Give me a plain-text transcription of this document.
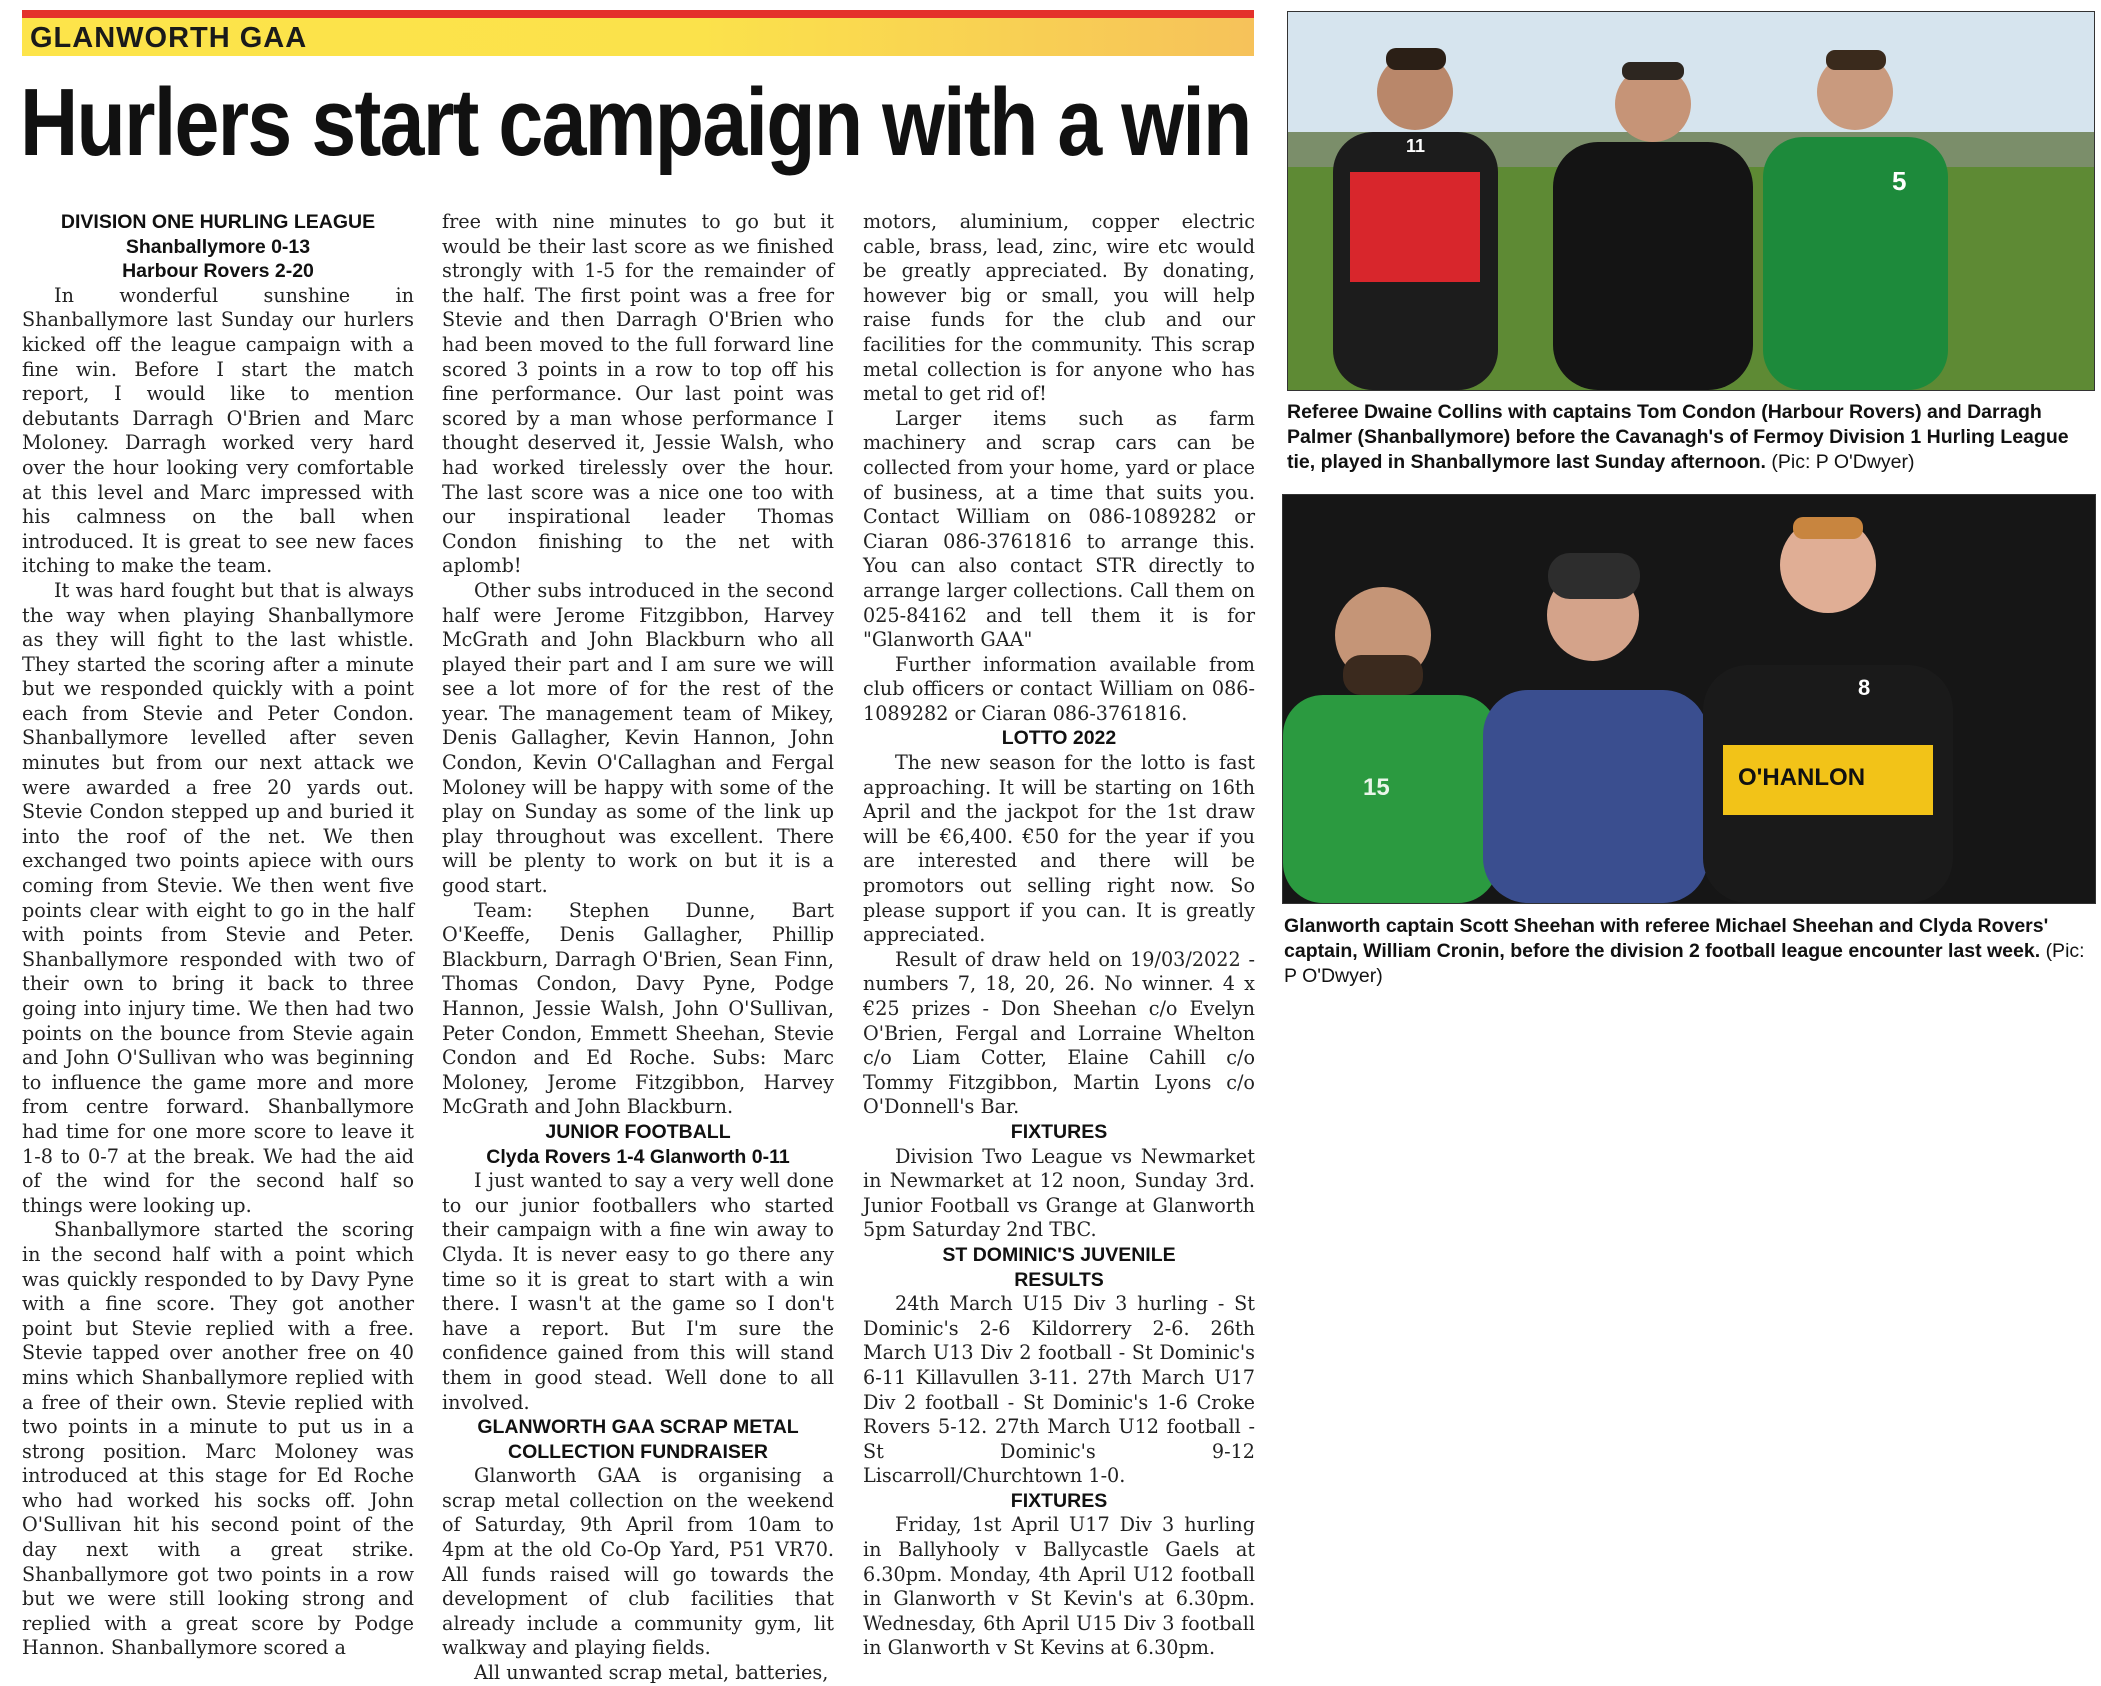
GLANWORTH GAA
Hurlers start campaign with a win
DIVISION ONE HURLING LEAGUE
Shanballymore 0-13
Harbour Rovers 2-20

In wonderful sunshine in Shanballymore last Sunday our hurlers kicked off the league campaign with a fine win. Before I start the match report, I would like to mention debutants Darragh O'Brien and Marc Moloney. Darragh worked very hard over the hour looking very comfortable at this level and Marc impressed with his calmness on the ball when introduced. It is great to see new faces itching to make the team.

It was hard fought but that is always the way when playing Shanballymore as they will fight to the last whistle. They started the scoring after a minute but we responded quickly with a point each from Stevie and Peter Condon. Shanballymore levelled after seven minutes but from our next attack we were awarded a free 20 yards out. Stevie Condon stepped up and buried it into the roof of the net. We then exchanged two points apiece with ours coming from Stevie. We then went five points clear with eight to go in the half with points from Stevie and Peter. Shanballymore responded with two of their own to bring it back to three going into injury time. We then had two points on the bounce from Stevie again and John O'Sullivan who was beginning to influence the game more and more from centre forward. Shanballymore had time for one more score to leave it 1-8 to 0-7 at the break. We had the aid of the wind for the second half so things were looking up.

Shanballymore started the scoring in the second half with a point which was quickly responded to by Davy Pyne with a fine score. They got another point but Stevie replied with a free. Stevie tapped over another free on 40 mins which Shanballymore replied with a free of their own. Stevie replied with two points in a minute to put us in a strong position. Marc Moloney was introduced at this stage for Ed Roche who had worked his socks off. John O'Sullivan hit his second point of the day next with a great strike. Shanballymore got two points in a row but we were still looking strong and replied with a great score by Podge Hannon. Shanballymore scored a

free with nine minutes to go but it would be their last score as we finished strongly with 1-5 for the remainder of the half. The first point was a free for Stevie and then Darragh O'Brien who had been moved to the full forward line scored 3 points in a row to top off his fine performance. Our last point was scored by a man whose performance I thought deserved it, Jessie Walsh, who had worked tirelessly over the hour. The last score was a nice one too with our inspirational leader Thomas Condon finishing to the net with aplomb!

Other subs introduced in the second half were Jerome Fitzgibbon, Harvey McGrath and John Blackburn who all played their part and I am sure we will see a lot more of for the rest of the year. The management team of Mikey, Denis Gallagher, Kevin Hannon, John Condon, Kevin O'Callaghan and Fergal Moloney will be happy with some of the play on Sunday as some of the link up play throughout was excellent. There will be plenty to work on but it is a good start.

Team: Stephen Dunne, Bart O'Keeffe, Denis Gallagher, Phillip Blackburn, Darragh O'Brien, Sean Finn, Thomas Condon, Davy Pyne, Podge Hannon, Jessie Walsh, John O'Sullivan, Peter Condon, Emmett Sheehan, Stevie Condon and Ed Roche. Subs: Marc Moloney, Jerome Fitzgibbon, Harvey McGrath and John Blackburn.

JUNIOR FOOTBALL
Clyda Rovers 1-4 Glanworth 0-11

I just wanted to say a very well done to our junior footballers who started their campaign with a fine win away to Clyda. It is never easy to go there any time so it is great to start with a win there. I wasn't at the game so I don't have a report. But I'm sure the confidence gained from this will stand them in good stead. Well done to all involved.

GLANWORTH GAA SCRAP METAL
COLLECTION FUNDRAISER

Glanworth GAA is organising a scrap metal collection on the weekend of Saturday, 9th April from 10am to 4pm at the old Co-Op Yard, P51 VR70. All funds raised will go towards the development of club facilities that already include a community gym, lit walkway and playing fields.

All unwanted scrap metal, batteries,

motors, aluminium, copper electric cable, brass, lead, zinc, wire etc would be greatly appreciated. By donating, however big or small, you will help raise funds for the club and our facilities for the community. This scrap metal collection is for anyone who has metal to get rid of!

Larger items such as farm machinery and scrap cars can be collected from your home, yard or place of business, at a time that suits you. Contact William on 086-1089282 or Ciaran 086-3761816 to arrange this. You can also contact STR directly to arrange larger collections. Call them on 025-84162 and tell them it is for "Glanworth GAA"

Further information available from club officers or contact William on 086-1089282 or Ciaran 086-3761816.

LOTTO 2022

The new season for the lotto is fast approaching. It will be starting on 16th April and the jackpot for the 1st draw will be €6,400. €50 for the year if you are interested and there will be promotors out selling right now. So please support if you can. It is greatly appreciated.

Result of draw held on 19/03/2022 - numbers 7, 18, 20, 26. No winner. 4 x €25 prizes - Don Sheehan c/o Evelyn O'Brien, Fergal and Lorraine Whelton c/o Liam Cotter, Elaine Cahill c/o Tommy Fitzgibbon, Martin Lyons c/o O'Donnell's Bar.

FIXTURES

Division Two League vs Newmarket in Newmarket at 12 noon, Sunday 3rd. Junior Football vs Grange at Glanworth 5pm Saturday 2nd TBC.

ST DOMINIC'S JUVENILE
RESULTS

24th March U15 Div 3 hurling - St Dominic's 2-6 Kildorrery 2-6. 26th March U13 Div 2 football - St Dominic's 6-11 Killavullen 3-11. 27th March U17 Div 2 football - St Dominic's 1-6 Croke Rovers 5-12. 27th March U12 football - St Dominic's 9-12 Liscarroll/Churchtown 1-0.

FIXTURES

Friday, 1st April U17 Div 3 hurling in Ballyhooly v Ballycastle Gaels at 6.30pm. Monday, 4th April U12 football in Glanworth v St Kevin's at 6.30pm. Wednesday, 6th April U15 Div 3 football in Glanworth v St Kevins at 6.30pm.

11
5
Referee Dwaine Collins with captains Tom Condon (Harbour Rovers) and Darragh Palmer (Shanballymore) before the Cavanagh's of Fermoy Division 1 Hurling League tie, played in Shanballymore last Sunday afternoon. (Pic: P O'Dwyer)
15	O'HANLON
8
Glanworth captain Scott Sheehan with referee Michael Sheehan and Clyda Rovers' captain, William Cronin, before the division 2 football league encounter last week. (Pic: P O'Dwyer)
